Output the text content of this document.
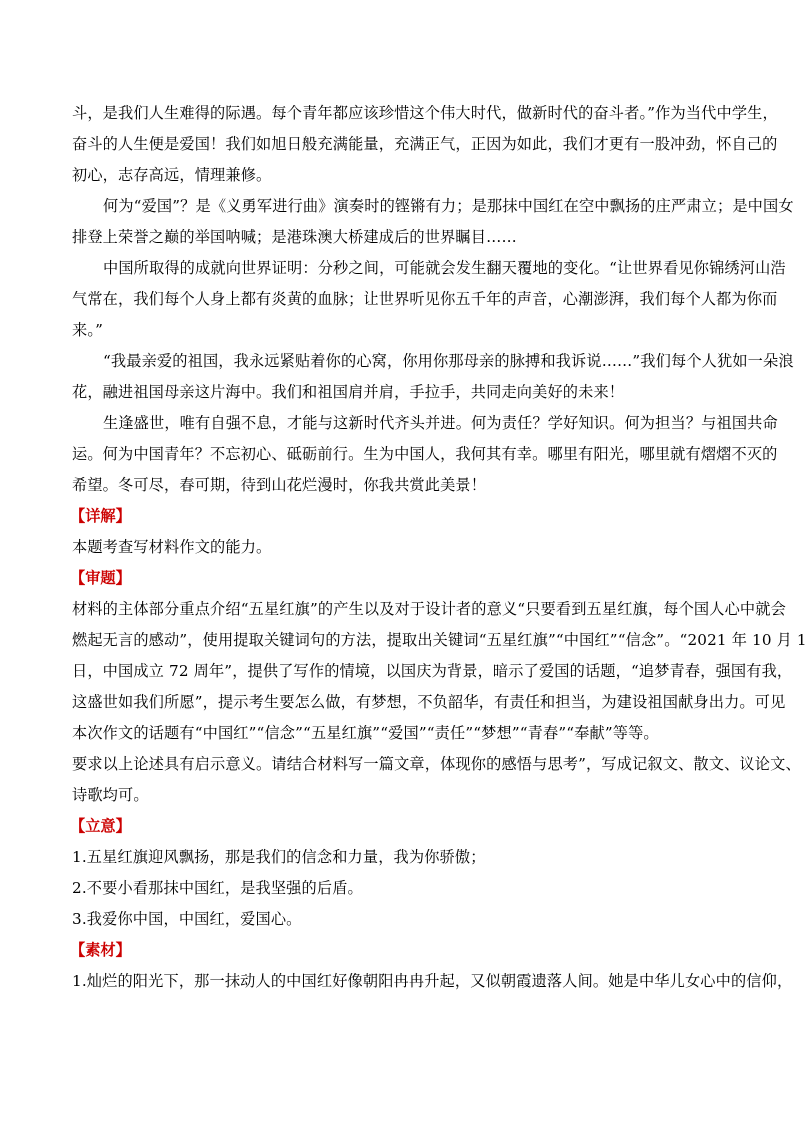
斗，是我们人生难得的际遇。每个青年都应该珍惜这个伟大时代，做新时代的奋斗者。”作为当代中学生，
奋斗的人生便是爱国！我们如旭日般充满能量，充满正气，正因为如此，我们才更有一股冲劲，怀自己的
初心，志存高远，情理兼修。
何为“爱国”？是《义勇军进行曲》演奏时的铿锵有力；是那抹中国红在空中飘扬的庄严肃立；是中国女
排登上荣誉之巅的举国呐喊；是港珠澳大桥建成后的世界瞩目……
中国所取得的成就向世界证明：分秒之间，可能就会发生翻天覆地的变化。“让世界看见你锦绣河山浩
气常在，我们每个人身上都有炎黄的血脉；让世界听见你五千年的声音，心潮澎湃，我们每个人都为你而
来。”
“我最亲爱的祖国，我永远紧贴着你的心窝，你用你那母亲的脉搏和我诉说……”我们每个人犹如一朵浪
花，融进祖国母亲这片海中。我们和祖国肩并肩，手拉手，共同走向美好的未来！
生逢盛世，唯有自强不息，才能与这新时代齐头并进。何为责任？学好知识。何为担当？与祖国共命
运。何为中国青年？不忘初心、砥砺前行。生为中国人，我何其有幸。哪里有阳光，哪里就有熠熠不灭的
希望。冬可尽，春可期，待到山花烂漫时，你我共赏此美景！
【详解】
本题考查写材料作文的能力。
【审题】
材料的主体部分重点介绍“五星红旗”的产生以及对于设计者的意义“只要看到五星红旗，每个国人心中就会
燃起无言的感动”，使用提取关键词句的方法，提取出关键词“五星红旗”“中国红”“信念”。“2021 年 10 月 1
日，中国成立 72 周年”，提供了写作的情境，以国庆为背景，暗示了爱国的话题，“追梦青春，强国有我，
这盛世如我们所愿”，提示考生要怎么做，有梦想，不负韶华，有责任和担当，为建设祖国献身出力。可见
本次作文的话题有“中国红”“信念”“五星红旗”“爱国”“责任”“梦想”“青春”“奉献”等等。
要求以上论述具有启示意义。请结合材料写一篇文章，体现你的感悟与思考”，写成记叙文、散文、议论文、
诗歌均可。
【立意】
1.五星红旗迎风飘扬，那是我们的信念和力量，我为你骄傲；
2.不要小看那抹中国红，是我坚强的后盾。
3.我爱你中国，中国红，爱国心。
【素材】
1.灿烂的阳光下，那一抹动人的中国红好像朝阳冉冉升起，又似朝霞遗落人间。她是中华儿女心中的信仰，
